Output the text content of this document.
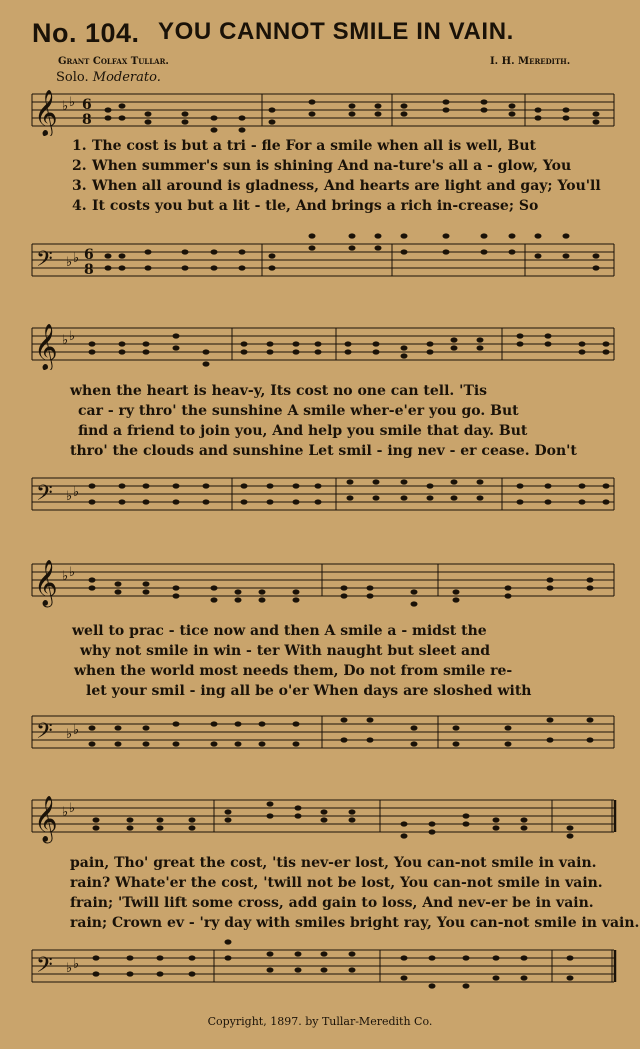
No. 104. YOU CANNOT SMILE IN VAIN.
Grant Colfax Tullar.	I. H. Meredith.
Solo. Moderato.
𝄞 ♭ ♭ 6
8
1. The cost is but a tri - fle For a smile when all is well, But
2. When summer's sun is shining And na-ture's all a - glow, You
3. When all around is gladness, And hearts are light and gay; You'll
4. It costs you but a lit - tle, And brings a rich in-crease; So
𝄢 ♭ ♭ 6
8
𝄞 ♭ ♭
when the heart is heav-y, Its cost no one can tell. 'Tis
car - ry thro' the sunshine A smile wher-e'er you go. But
find a friend to join you, And help you smile that day. But
thro' the clouds and sunshine Let smil - ing nev - er cease. Don't
𝄢 ♭ ♭
𝄞 ♭ ♭
well to prac - tice now and then A smile a - midst the
why not smile in win - ter With naught but sleet and
when the world most needs them, Do not from smile re-
let your smil - ing all be o'er When days are sloshed with
𝄢 ♭ ♭
𝄞 ♭ ♭
pain, Tho' great the cost, 'tis nev-er lost, You can-not smile in vain.
rain? Whate'er the cost, 'twill not be lost, You can-not smile in vain.
frain; 'Twill lift some cross, add gain to loss, And nev-er be in vain.
rain; Crown ev - 'ry day with smiles bright ray, You can-not smile in vain.
𝄢 ♭ ♭
Copyright, 1897. by Tullar-Meredith Co.
